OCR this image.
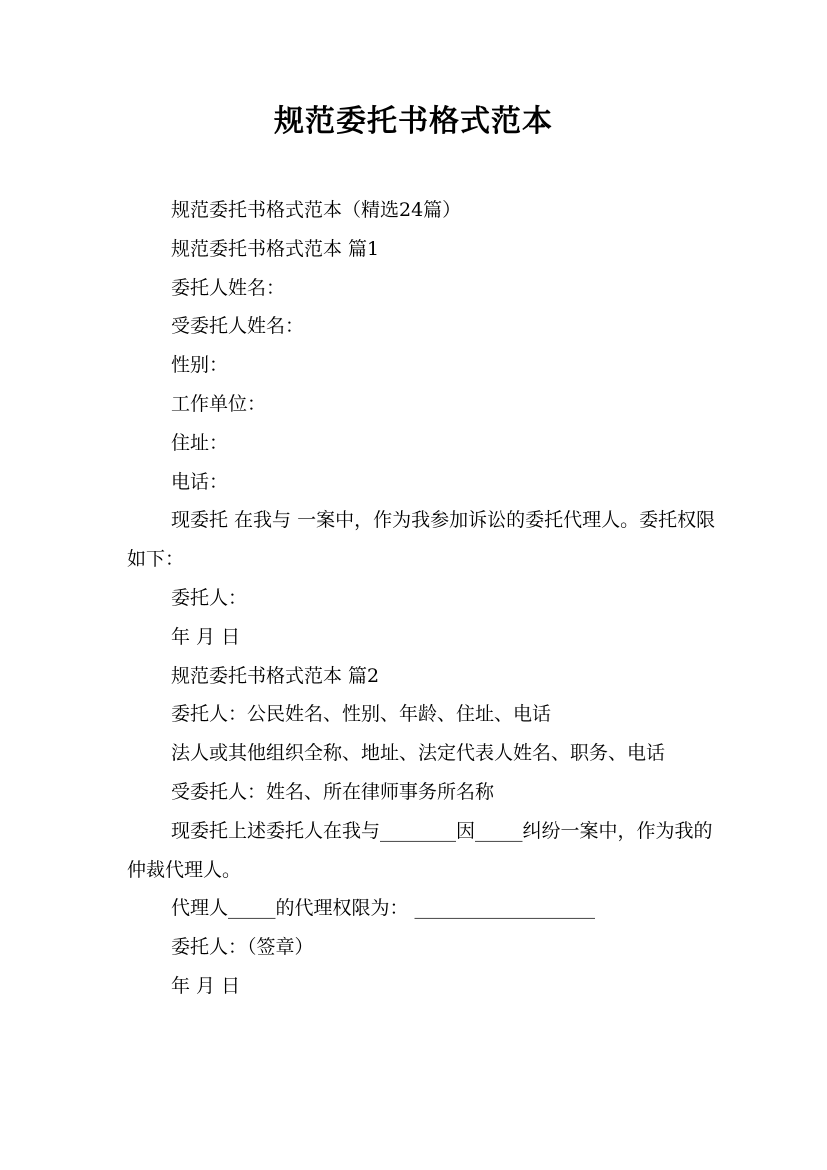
规范委托书格式范本

规范委托书格式范本（精选24篇）

规范委托书格式范本 篇1

委托人姓名：

受委托人姓名：

性别：

工作单位：

住址：

电话：

现委托 在我与 一案中，作为我参加诉讼的委托代理人。委托权限如下：

委托人：

年 月 日

规范委托书格式范本 篇2

委托人：公民姓名、性别、年龄、住址、电话

法人或其他组织全称、地址、法定代表人姓名、职务、电话

受委托人：姓名、所在律师事务所名称

现委托上述委托人在我与________因_____纠纷一案中，作为我的仲裁代理人。

代理人_____的代理权限为： ___________________

委托人：（签章）

年 月 日
